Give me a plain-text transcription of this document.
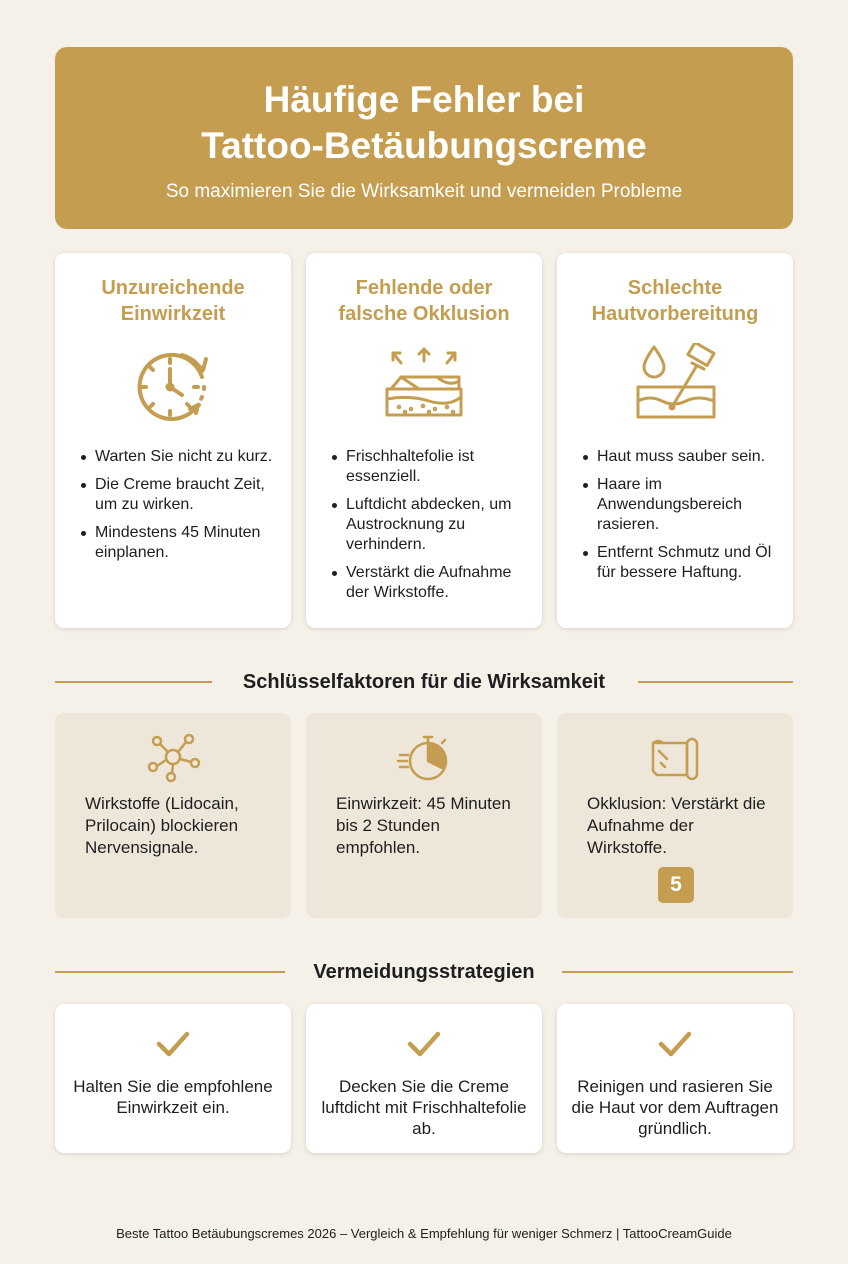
Häufige Fehler bei
Tattoo-Betäubungscreme
So maximieren Sie die Wirksamkeit und vermeiden Probleme
Unzureichende
Einwirkzeit
Warten Sie nicht zu kurz.
Die Creme braucht Zeit, um zu wirken.
Mindestens 45 Minuten einplanen.
Fehlende oder
falsche Okklusion
Frischhaltefolie ist essenziell.
Luftdicht abdecken, um Austrocknung zu verhindern.
Verstärkt die Aufnahme der Wirkstoffe.
Schlechte
Hautvorbereitung
Haut muss sauber sein.
Haare im Anwendungsbereich rasieren.
Entfernt Schmutz und Öl für bessere Haftung.
Schlüsselfaktoren für die Wirksamkeit

Wirkstoffe (Lidocain, Prilocain) blockieren Nervensignale.

Einwirkzeit: 45 Minuten bis 2 Stunden empfohlen.

Okklusion: Verstärkt die Aufnahme der Wirkstoffe.

5
Vermeidungsstrategien

Halten Sie die empfohlene Einwirkzeit ein.

Decken Sie die Creme luftdicht mit Frischhaltefolie ab.

Reinigen und rasieren Sie die Haut vor dem Auftragen gründlich.

Beste Tattoo Betäubungscremes 2026 – Vergleich & Empfehlung für weniger Schmerz | TattooCreamGuide
